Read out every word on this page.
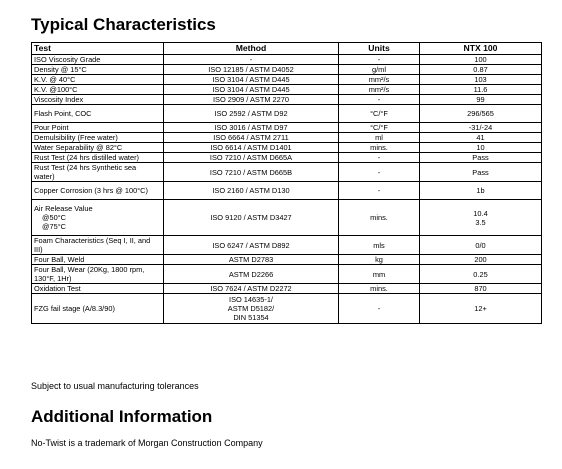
Typical Characteristics
Test	Method	Units	NTX 100

ISO Viscosity Grade	-	-	100

Density @ 15°C	ISO 12185 / ASTM D4052	g/ml	0.87

K.V. @ 40°C	ISO 3104 / ASTM D445	mm²/s	103

K.V. @100°C	ISO 3104 / ASTM D445	mm²/s	11.6

Viscosity Index	ISO 2909 / ASTM 2270	-	99

Flash Point, COC	ISO 2592 / ASTM D92	°C/°F	296/565

Pour Point	ISO 3016 / ASTM D97	°C/°F	-31/-24

Demulsibility (Free water)	ISO 6664 / ASTM 2711	ml	41

Water Separability @ 82°C	ISO 6614 / ASTM D1401	mins.	10

Rust Test (24 hrs distilled water)	ISO 7210 / ASTM D665A	-	Pass

Rust Test (24 hrs Synthetic sea
water)	ISO 7210 / ASTM D665B	-	Pass

Copper Corrosion (3 hrs @ 100°C)	ISO 2160 / ASTM D130	-	1b

Air Release Value
@50°C
@75°C	ISO 9120 / ASTM D3427	mins.	10.4
3.5

Foam Characteristics (Seq I, II, and
III)	ISO 6247 / ASTM D892	mls	0/0

Four Ball, Weld	ASTM D2783	kg	200

Four Ball, Wear (20Kg, 1800 rpm,
130°F, 1Hr)	ASTM D2266	mm	0.25

Oxidation Test	ISO 7624 / ASTM D2272	mins.	870

FZG fail stage (A/8.3/90)	ISO 14635-1/
ASTM D5182/
DIN 51354	-	12+
Subject to usual manufacturing tolerances
Additional Information
No-Twist is a trademark of Morgan Construction Company
